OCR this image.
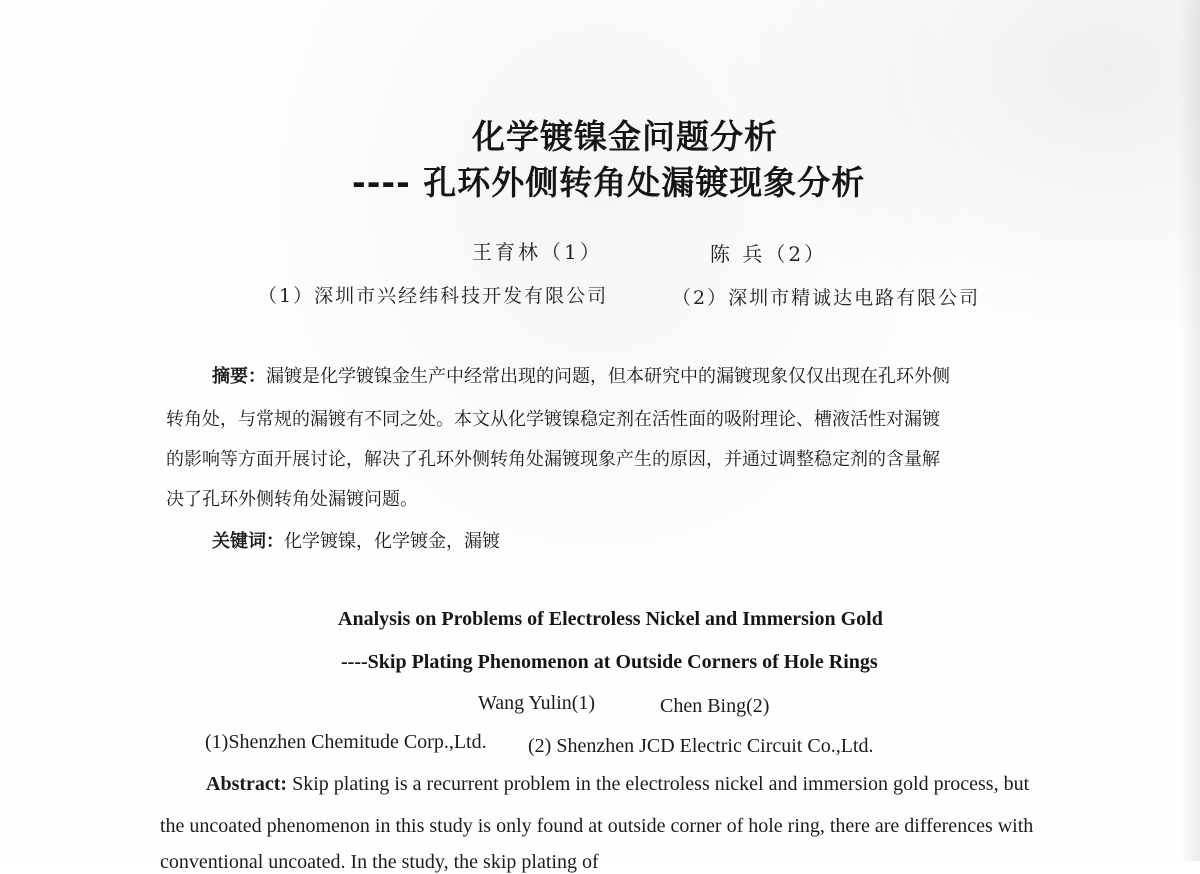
化学镀镍金问题分析
---- 孔环外侧转角处漏镀现象分析
王育林（1）	陈 兵（2）
（1）深圳市兴经纬科技开发有限公司	（2）深圳市精诚达电路有限公司
摘要：漏镀是化学镀镍金生产中经常出现的问题，但本研究中的漏镀现象仅仅出现在孔环外侧
转角处，与常规的漏镀有不同之处。本文从化学镀镍稳定剂在活性面的吸附理论、槽液活性对漏镀
的影响等方面开展讨论，解决了孔环外侧转角处漏镀现象产生的原因，并通过调整稳定剂的含量解
决了孔环外侧转角处漏镀问题。
关键词：化学镀镍，化学镀金，漏镀
Analysis on Problems of Electroless Nickel and Immersion Gold
----Skip Plating Phenomenon at Outside Corners of Hole Rings
Wang Yulin(1)	Chen Bing(2)
(1)Shenzhen Chemitude Corp.,Ltd. (2) Shenzhen JCD Electric Circuit Co.,Ltd.
Abstract: Skip plating is a recurrent problem in the electroless nickel and immersion gold process, but
the uncoated phenomenon in this study is only found at outside corner of hole ring, there are differences with
conventional uncoated. In the study, the skip plating of
